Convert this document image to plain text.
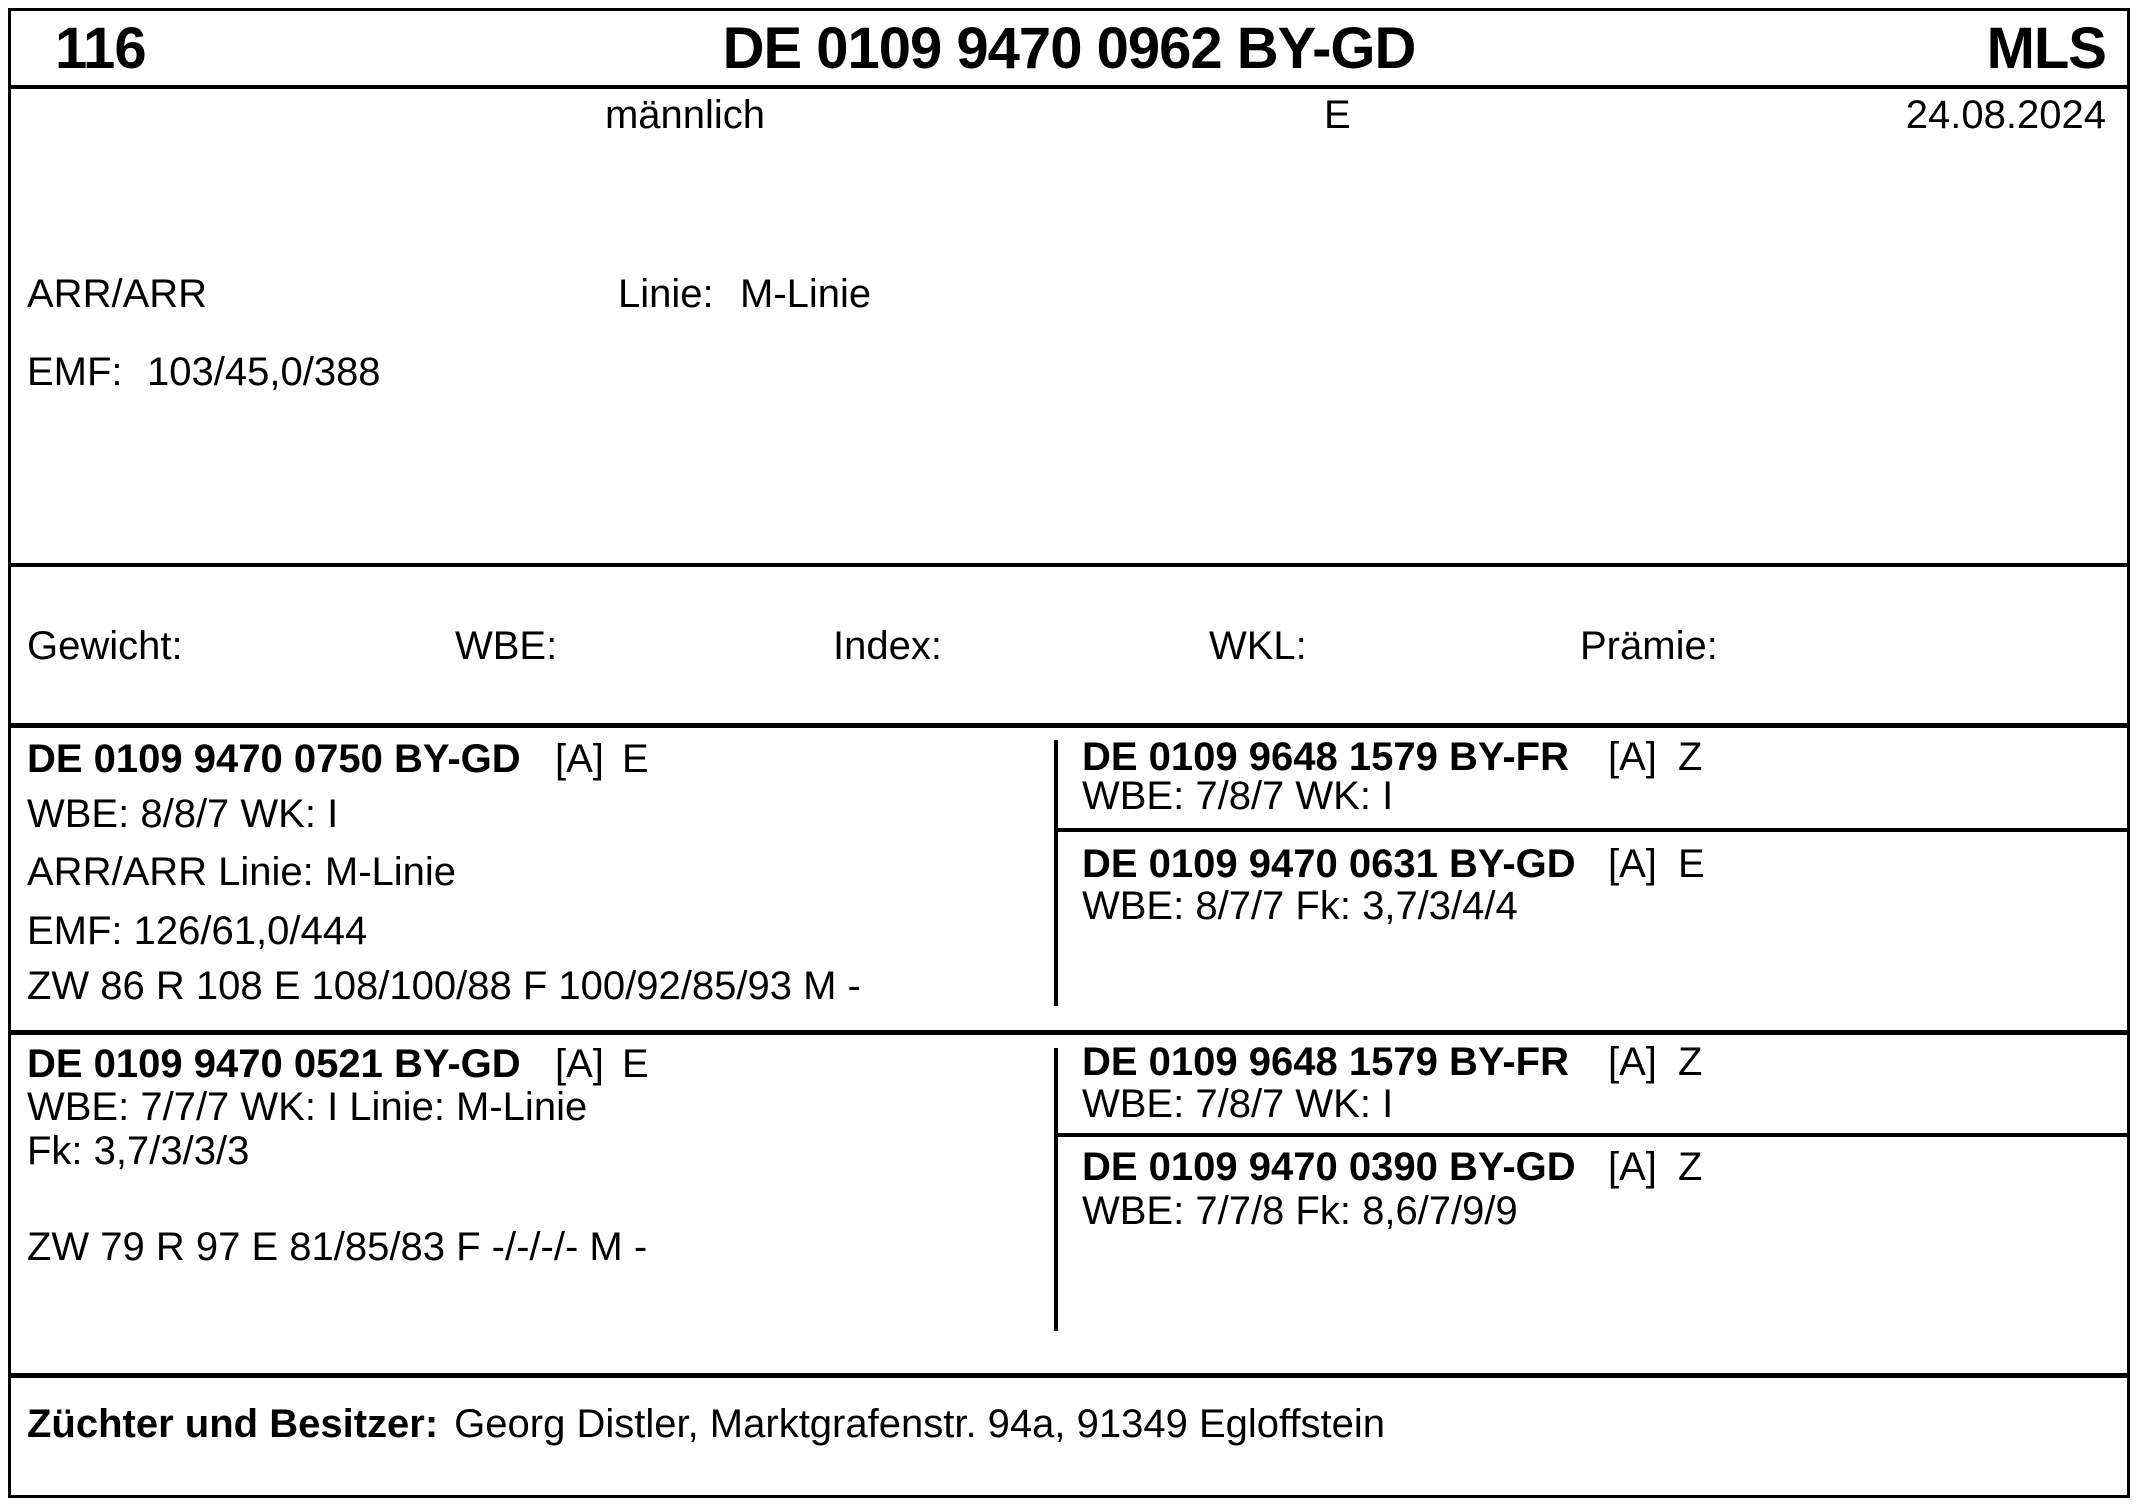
116	DE 0109 9470 0962 BY-GD	MLS
männlich	E	24.08.2024
ARR/ARR	Linie: M-Linie
EMF: 103/45,0/388
Gewicht:	WBE:	Index:	WKL:	Prämie:
DE 0109 9470 0750 BY-GD [A] E
WBE: 8/8/7 WK: I
ARR/ARR Linie: M-Linie
EMF: 126/61,0/444
ZW 86 R 108 E 108/100/88 F 100/92/85/93 M -
DE 0109 9648 1579 BY-FR [A] Z
WBE: 7/8/7 WK: I
DE 0109 9470 0631 BY-GD [A] E
WBE: 8/7/7 Fk: 3,7/3/4/4
DE 0109 9470 0521 BY-GD [A] E
WBE: 7/7/7 WK: I Linie: M-Linie
Fk: 3,7/3/3/3
ZW 79 R 97 E 81/85/83 F -/-/-/- M -
DE 0109 9648 1579 BY-FR [A] Z
WBE: 7/8/7 WK: I
DE 0109 9470 0390 BY-GD [A] Z
WBE: 7/7/8 Fk: 8,6/7/9/9
Züchter und Besitzer: Georg Distler, Marktgrafenstr. 94a, 91349 Egloffstein
